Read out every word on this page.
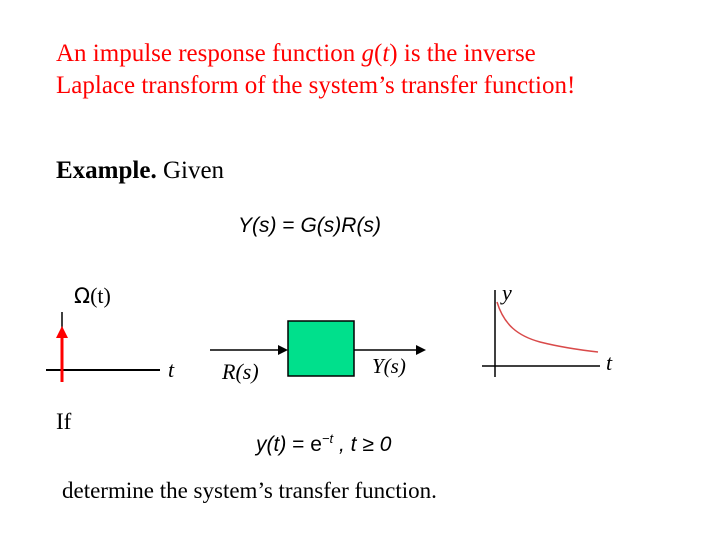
An impulse response function g(t) is the inverse
Laplace transform of the system’s transfer function!
Example. Given
Y(s) = G(s)R(s)
Ω(t)
t R(s)	Y(s)
y
t
If
$y(t) = e^{-t}$ , t ≥ 0
determine the system’s transfer function.
